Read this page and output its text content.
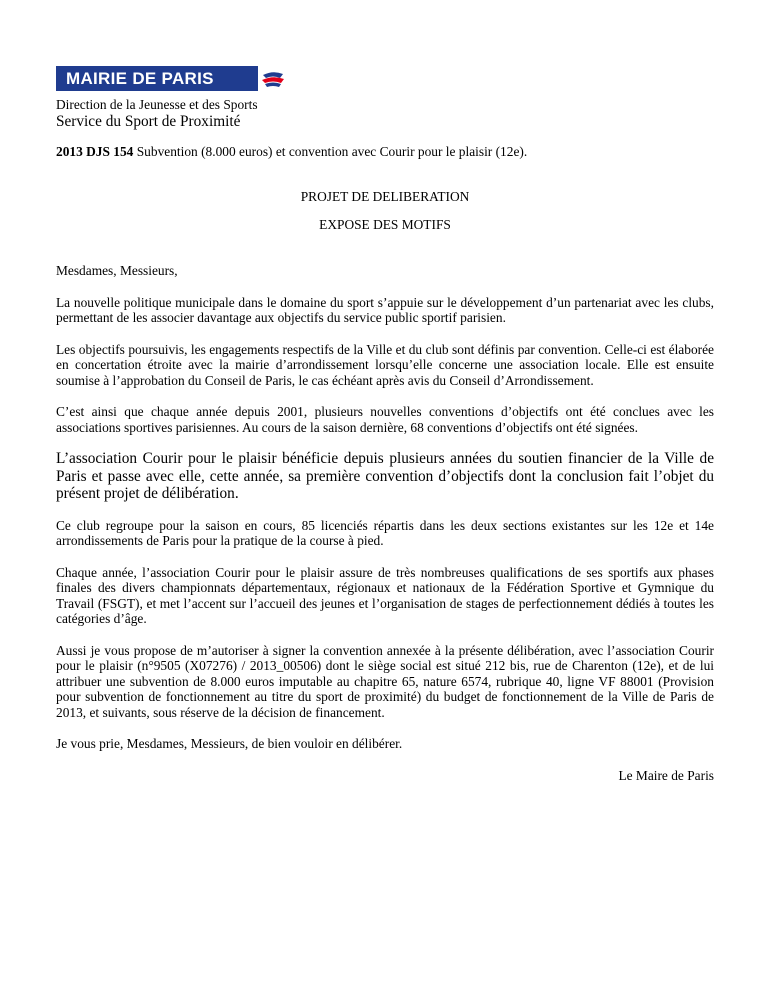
MAIRIE DE PARIS
Direction de la Jeunesse et des Sports
Service du Sport de Proximité
2013 DJS 154 Subvention (8.000 euros) et convention avec Courir pour le plaisir (12e).
PROJET DE DELIBERATION
EXPOSE DES MOTIFS

Mesdames, Messieurs,

La nouvelle politique municipale dans le domaine du sport s’appuie sur le développement d’un partenariat avec les clubs, permettant de les associer davantage aux objectifs du service public sportif parisien.

Les objectifs poursuivis, les engagements respectifs de la Ville et du club sont définis par convention. Celle-ci est élaborée en concertation étroite avec la mairie d’arrondissement lorsqu’elle concerne une association locale. Elle est ensuite soumise à l’approbation du Conseil de Paris, le cas échéant après avis du Conseil d’Arrondissement.

C’est ainsi que chaque année depuis 2001, plusieurs nouvelles conventions d’objectifs ont été conclues avec les associations sportives parisiennes. Au cours de la saison dernière, 68 conventions d’objectifs ont été signées.

L’association Courir pour le plaisir bénéficie depuis plusieurs années du soutien financier de la Ville de Paris et passe avec elle, cette année, sa première convention d’objectifs dont la conclusion fait l’objet du présent projet de délibération.

Ce club regroupe pour la saison en cours, 85 licenciés répartis dans les deux sections existantes sur les 12e et 14e arrondissements de Paris pour la pratique de la course à pied.

Chaque année, l’association Courir pour le plaisir assure de très nombreuses qualifications de ses sportifs aux phases finales des divers championnats départementaux, régionaux et nationaux de la Fédération Sportive et Gymnique du Travail (FSGT), et met l’accent sur l’accueil des jeunes et l’organisation de stages de perfectionnement dédiés à toutes les catégories d’âge.

Aussi je vous propose de m’autoriser à signer la convention annexée à la présente délibération, avec l’association Courir pour le plaisir (n°9505 (X07276) / 2013_00506) dont le siège social est situé 212 bis, rue de Charenton (12e), et de lui attribuer une subvention de 8.000 euros imputable au chapitre 65, nature 6574, rubrique 40, ligne VF 88001 (Provision pour subvention de fonctionnement au titre du sport de proximité) du budget de fonctionnement de la Ville de Paris de 2013, et suivants, sous réserve de la décision de financement.

Je vous prie, Mesdames, Messieurs, de bien vouloir en délibérer.

Le Maire de Paris
